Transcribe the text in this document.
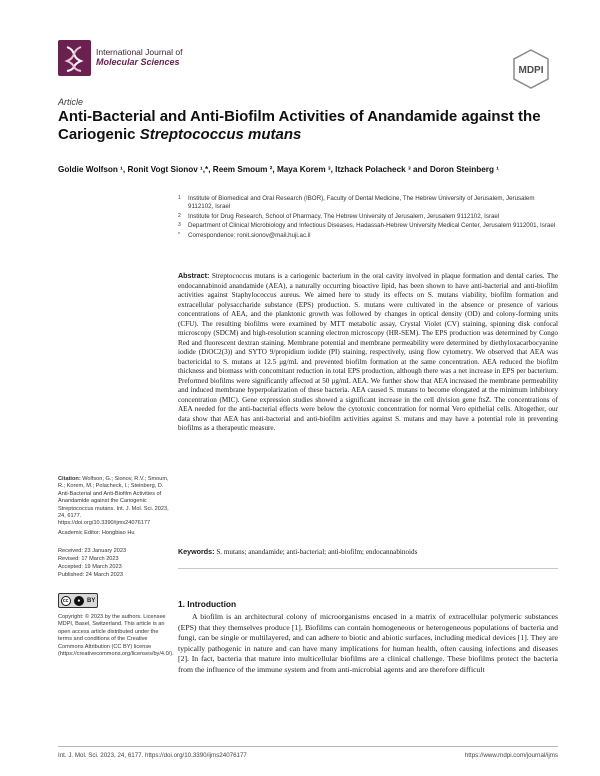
International Journal of
Molecular Sciences
MDPI
Article
Anti-Bacterial and Anti-Biofilm Activities of Anandamide against the Cariogenic Streptococcus mutans
Goldie Wolfson ¹, Ronit Vogt Sionov ¹,*, Reem Smoum ², Maya Korem ³, Itzhack Polacheck ³ and Doron Steinberg ¹
1 Institute of Biomedical and Oral Research (IBOR), Faculty of Dental Medicine, The Hebrew University of Jerusalem, Jerusalem 9112102, Israel
2 Institute for Drug Research, School of Pharmacy, The Hebrew University of Jerusalem, Jerusalem 9112102, Israel
3 Department of Clinical Microbiology and Infectious Diseases, Hadassah-Hebrew University Medical Center, Jerusalem 9112001, Israel
* Correspondence: ronit.sionov@mail.huji.ac.il
Abstract: Streptococcus mutans is a cariogenic bacterium in the oral cavity involved in plaque formation and dental caries. The endocannabinoid anandamide (AEA), a naturally occurring bioactive lipid, has been shown to have anti-bacterial and anti-biofilm activities against Staphylococcus aureus. We aimed here to study its effects on S. mutans viability, biofilm formation and extracellular polysaccharide substance (EPS) production. S. mutans were cultivated in the absence or presence of various concentrations of AEA, and the planktonic growth was followed by changes in optical density (OD) and colony-forming units (CFU). The resulting biofilms were examined by MTT metabolic assay, Crystal Violet (CV) staining, spinning disk confocal microscopy (SDCM) and high-resolution scanning electron microscopy (HR-SEM). The EPS production was determined by Congo Red and fluorescent dextran staining. Membrane potential and membrane permeability were determined by diethyloxacarbocyanine iodide (DiOC2(3)) and SYTO 9/propidium iodide (PI) staining, respectively, using flow cytometry. We observed that AEA was bactericidal to S. mutans at 12.5 μg/mL and prevented biofilm formation at the same concentration. AEA reduced the biofilm thickness and biomass with concomitant reduction in total EPS production, although there was a net increase in EPS per bacterium. Preformed biofilms were significantly affected at 50 μg/mL AEA. We further show that AEA increased the membrane permeability and induced membrane hyperpolarization of these bacteria. AEA caused S. mutans to become elongated at the minimum inhibitory concentration (MIC). Gene expression studies showed a significant increase in the cell division gene ftsZ. The concentrations of AEA needed for the anti-bacterial effects were below the cytotoxic concentration for normal Vero epithelial cells. Altogether, our data show that AEA has anti-bacterial and anti-biofilm activities against S. mutans and may have a potential role in preventing biofilms as a therapeutic measure.
Keywords: S. mutans; anandamide; anti-bacterial; anti-biofilm; endocannabinoids
Citation: Wolfson, G.; Sionov, R.V.; Smoum, R.; Korem, M.; Polacheck, I.; Steinberg, D. Anti-Bacterial and Anti-Biofilm Activities of Anandamide against the Cariogenic Streptococcus mutans. Int. J. Mol. Sci. 2023, 24, 6177. https://doi.org/10.3390/ijms24076177
Academic Editor: Hongbiao Hu
Received: 23 January 2023
Revised: 17 March 2023
Accepted: 19 March 2023
Published: 24 March 2023
cc	●	BY
Copyright: © 2023 by the authors. Licensee MDPI, Basel, Switzerland. This article is an open access article distributed under the terms and conditions of the Creative Commons Attribution (CC BY) license (https://creativecommons.org/licenses/by/4.0/).
1. Introduction
A biofilm is an architectural colony of microorganisms encased in a matrix of extracellular polymeric substances (EPS) that they themselves produce [1]. Biofilms can contain homogeneous or heterogeneous populations of bacteria and fungi, can be single or multilayered, and can adhere to biotic and abiotic surfaces, including medical devices [1]. They are typically pathogenic in nature and can have many implications for human health, often causing infections and diseases [2]. In fact, bacteria that mature into multicellular biofilms are a clinical challenge. These biofilms protect the bacteria from the influence of the immune system and from anti-microbial agents and are therefore difficult
Int. J. Mol. Sci. 2023, 24, 6177. https://doi.org/10.3390/ijms24076177	https://www.mdpi.com/journal/ijms
